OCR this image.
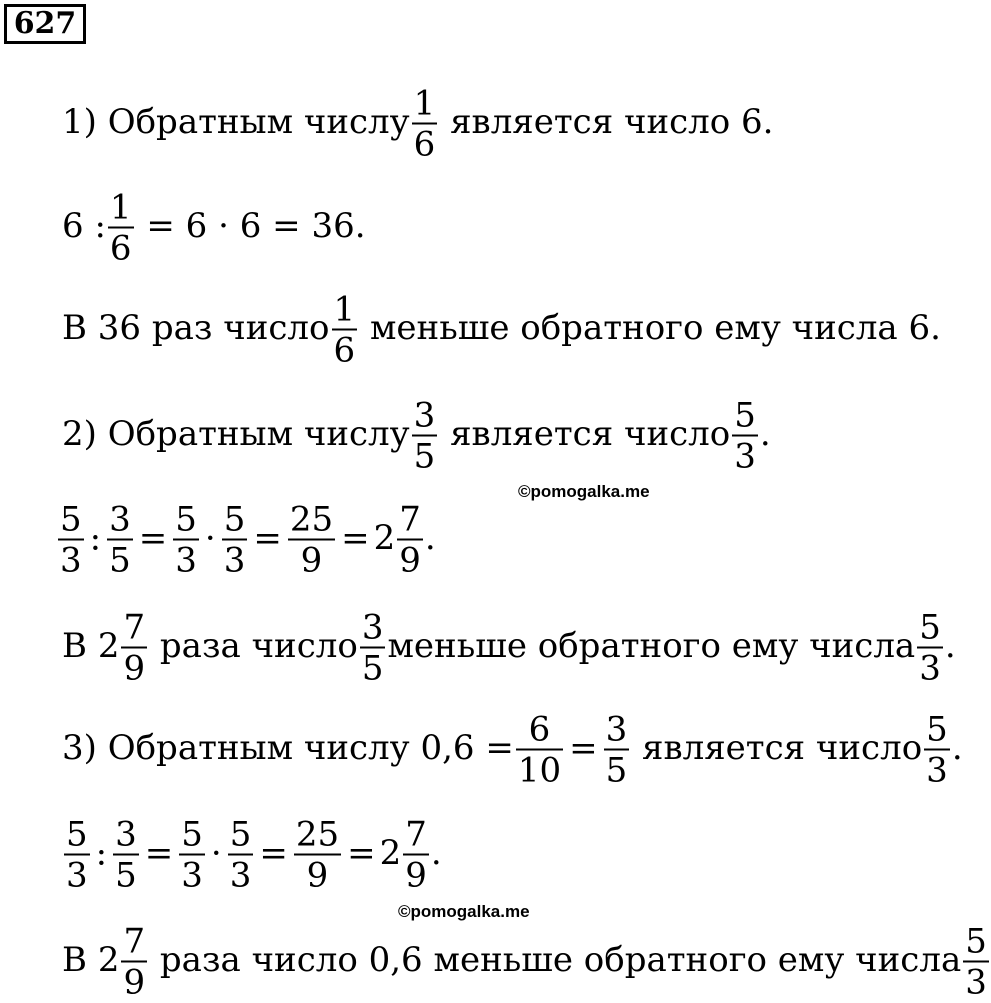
627
1) Обратным числу $\frac{1}{6}$ является число 6.
6 : $\frac{1}{6} = 6 \cdot 6 = 36$.
В 36 раз число $\frac{1}{6}$ меньше обратного ему числа 6.
2) Обратным числу $\frac{3}{5}$ является число $\frac{5}{3}$ .
©pomogalka.me
$\frac{5}{3}$ : $\frac{3}{5} = \frac{5}{3} \cdot \frac{5}{3} = \frac{25}{9} = 2 \frac{7}{9}$ .
В $2 \frac{7}{9}$ раза число $\frac{3}{5}$ меньше обратного ему числа $\frac{5}{3}$ .
3) Обратным числу $0,6 = \frac{6}{10} = \frac{3}{5}$ является число $\frac{5}{3}$ .
$\frac{5}{3}$ : $\frac{3}{5} = \frac{5}{3} \cdot \frac{5}{3} = \frac{25}{9} = 2 \frac{7}{9}$ .
©pomogalka.me
В $2 \frac{7}{9}$ раза число 0,6 меньше обратного ему числа $\frac{5}{3}$
